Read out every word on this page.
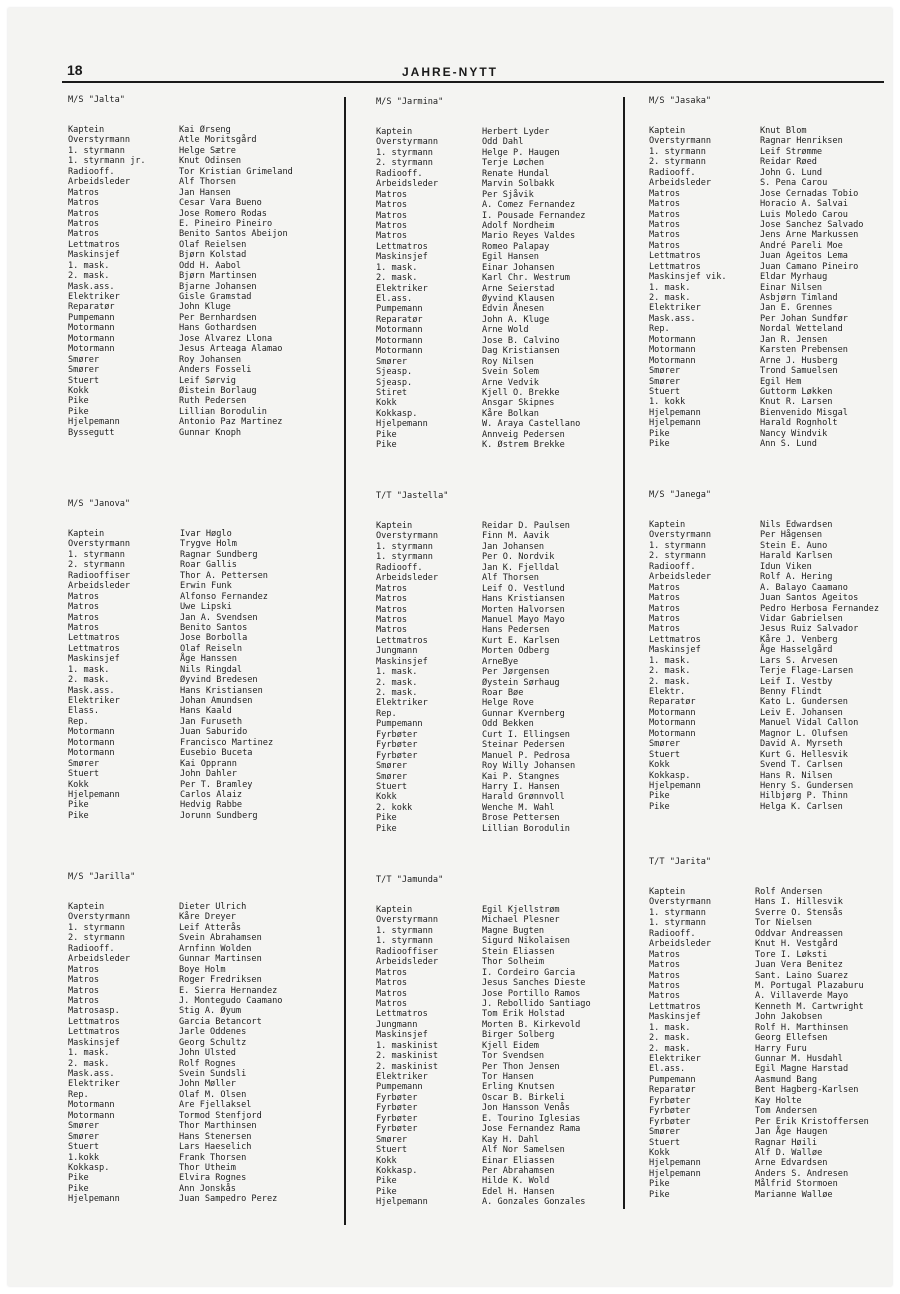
18	JAHRE-NYTT
M/S "Jalta"
Kaptein	Kai Ørseng
Overstyrmann	Atle Moritsgård
1. styrmann	Helge Sætre
1. styrmann jr.	Knut Odinsen
Radiooff.	Tor Kristian Grimeland
Arbeidsleder	Alf Thorsen
Matros	Jan Hansen
Matros	Cesar Vara Bueno
Matros	Jose Romero Rodas
Matros	E. Pineiro Pineiro
Matros	Benito Santos Abeijon
Lettmatros	Olaf Reielsen
Maskinsjef	Bjørn Kolstad
1. mask.	Odd H. Aabol
2. mask.	Bjørn Martinsen
Mask.ass.	Bjarne Johansen
Elektriker	Gisle Gramstad
Reparatør	John Kluge
Pumpemann	Per Bernhardsen
Motormann	Hans Gothardsen
Motormann	Jose Alvarez Llona
Motormann	Jesus Arteaga Alamao
Smører	Roy Johansen
Smører	Anders Fosseli
Stuert	Leif Sørvig
Kokk	Øistein Borlaug
Pike	Ruth Pedersen
Pike	Lillian Borodulin
Hjelpemann	Antonio Paz Martinez
Byssegutt	Gunnar Knoph
M/S "Janova"
Kaptein	Ivar Høglo
Overstyrmann	Trygve Holm
1. styrmann	Ragnar Sundberg
2. styrmann	Roar Gallis
Radiooffiser	Thor A. Pettersen
Arbeidsleder	Erwin Funk
Matros	Alfonso Fernandez
Matros	Uwe Lipski
Matros	Jan A. Svendsen
Matros	Benito Santos
Lettmatros	Jose Borbolla
Lettmatros	Olaf Reiseln
Maskinsjef	Åge Hanssen
1. mask.	Nils Ringdal
2. mask.	Øyvind Bredesen
Mask.ass.	Hans Kristiansen
Elektriker	Johan Amundsen
Elass.	Hans Kaald
Rep.	Jan Furuseth
Motormann	Juan Saburido
Motormann	Francisco Martinez
Motormann	Eusebio Buceta
Smører	Kai Opprann
Stuert	John Dahler
Kokk	Per T. Bramley
Hjelpemann	Carlos Alaiz
Pike	Hedvig Rabbe
Pike	Jorunn Sundberg
M/S "Jarilla"
Kaptein	Dieter Ulrich
Overstyrmann	Kåre Dreyer
1. styrmann	Leif Atterås
2. styrmann	Svein Abrahamsen
Radiooff.	Arnfinn Wolden
Arbeidsleder	Gunnar Martinsen
Matros	Boye Holm
Matros	Roger Fredriksen
Matros	E. Sierra Hernandez
Matros	J. Montegudo Caamano
Matrosasp.	Stig A. Øyum
Lettmatros	Garcia Betancort
Lettmatros	Jarle Oddenes
Maskinsjef	Georg Schultz
1. mask.	John Ulsted
2. mask.	Rolf Rognes
Mask.ass.	Svein Sundsli
Elektriker	John Møller
Rep.	Olaf M. Olsen
Motormann	Are Fjellaksel
Motormann	Tormod Stenfjord
Smører	Thor Marthinsen
Smører	Hans Stenersen
Stuert	Lars Haeselich
1.kokk	Frank Thorsen
Kokkasp.	Thor Utheim
Pike	Elvira Rognes
Pike	Ann Jonskås
Hjelpemann	Juan Sampedro Perez
M/S "Jarmina"
Kaptein	Herbert Lyder
Overstyrmann	Odd Dahl
1. styrmann	Helge P. Haugen
2. styrmann	Terje Løchen
Radiooff.	Renate Hundal
Arbeidsleder	Marvin Solbakk
Matros	Per Sjåvik
Matros	A. Comez Fernandez
Matros	I. Pousade Fernandez
Matros	Adolf Nordheim
Matros	Mario Reyes Valdes
Lettmatros	Romeo Palapay
Maskinsjef	Egil Hansen
1. mask.	Einar Johansen
2. mask.	Karl Chr. Westrum
Elektriker	Arne Seierstad
El.ass.	Øyvind Klausen
Pumpemann	Edvin Ånesen
Reparatør	John A. Kluge
Motormann	Arne Wold
Motormann	Jose B. Calvino
Motormann	Dag Kristiansen
Smører	Roy Nilsen
Sjeasp.	Svein Solem
Sjeasp.	Arne Vedvik
Stiret	Kjell O. Brekke
Kokk	Ansgar Skipnes
Kokkasp.	Kåre Bolkan
Hjelpemann	W. Araya Castellano
Pike	Annveig Pedersen
Pike	K. Østrem Brekke
T/T "Jastella"
Kaptein	Reidar D. Paulsen
Overstyrmann	Finn M. Aavik
1. styrmann	Jan Johansen
1. styrmann	Per O. Nordvik
Radiooff.	Jan K. Fjelldal
Arbeidsleder	Alf Thorsen
Matros	Leif O. Vestlund
Matros	Hans Kristiansen
Matros	Morten Halvorsen
Matros	Manuel Mayo Mayo
Matros	Hans Pedersen
Lettmatros	Kurt E. Karlsen
Jungmann	Morten Odberg
Maskinsjef	ArneBye
1. mask.	Per Jørgensen
2. mask.	Øystein Sørhaug
2. mask.	Roar Bøe
Elektriker	Helge Rove
Rep.	Gunnar Kvernberg
Pumpemann	Odd Bekken
Fyrbøter	Curt I. Ellingsen
Fyrbøter	Steinar Pedersen
Fyrbøter	Manuel P. Pedrosa
Smører	Roy Willy Johansen
Smører	Kai P. Stangnes
Stuert	Harry I. Hansen
Kokk	Harald Grønnvoll
2. kokk	Wenche M. Wahl
Pike	Brose Pettersen
Pike	Lillian Borodulin
T/T "Jamunda"
Kaptein	Egil Kjellstrøm
Overstyrmann	Michael Plesner
1. styrmann	Magne Bugten
1. styrmann	Sigurd Nikolaisen
Radiooffiser	Stein Eliassen
Arbeidsleder	Thor Solheim
Matros	I. Cordeiro Garcia
Matros	Jesus Sanches Dieste
Matros	Jose Portillo Ramos
Matros	J. Rebollido Santiago
Lettmatros	Tom Erik Holstad
Jungmann	Morten B. Kirkevold
Maskinsjef	Birger Solberg
1. maskinist	Kjell Eidem
2. maskinist	Tor Svendsen
2. maskinist	Per Thon Jensen
Elektriker	Tor Hansen
Pumpemann	Erling Knutsen
Fyrbøter	Oscar B. Birkeli
Fyrbøter	Jon Hansson Venås
Fyrbøter	E. Tourino Iglesias
Fyrbøter	Jose Fernandez Rama
Smører	Kay H. Dahl
Stuert	Alf Nor Samelsen
Kokk	Einar Eliassen
Kokkasp.	Per Abrahamsen
Pike	Hilde K. Wold
Pike	Edel H. Hansen
Hjelpemann	A. Gonzales Gonzales
M/S "Jasaka"
Kaptein	Knut Blom
Overstyrmann	Ragnar Henriksen
1. styrmann	Leif Strømme
2. styrmann	Reidar Røed
Radiooff.	John G. Lund
Arbeidsleder	S. Pena Carou
Matros	Jose Cernadas Tobio
Matros	Horacio A. Salvai
Matros	Luis Moledo Carou
Matros	Jose Sanchez Salvado
Matros	Jens Arne Markussen
Matros	André Pareli Moe
Lettmatros	Juan Ageitos Lema
Lettmatros	Juan Camano Pineiro
Maskinsjef vik.	Eldar Myrhaug
1. mask.	Einar Nilsen
2. mask.	Asbjørn Timland
Elektriker	Jan E. Grennes
Mask.ass.	Per Johan Sundfør
Rep.	Nordal Wetteland
Motormann	Jan R. Jensen
Motormann	Karsten Prebensen
Motormann	Arne J. Husberg
Smører	Trond Samuelsen
Smører	Egil Hem
Stuert	Guttorm Løkken
1. kokk	Knut R. Larsen
Hjelpemann	Bienvenido Misgal
Hjelpemann	Harald Rognholt
Pike	Nancy Windvik
Pike	Ann S. Lund
M/S "Janega"
Kaptein	Nils Edwardsen
Overstyrmann	Per Hågensen
1. styrmann	Stein E. Auno
2. styrmann	Harald Karlsen
Radiooff.	Idun Viken
Arbeidsleder	Rolf A. Hering
Matros	A. Balayo Caamano
Matros	Juan Santos Ageitos
Matros	Pedro Herbosa Fernandez
Matros	Vidar Gabrielsen
Matros	Jesus Ruiz Salvador
Lettmatros	Kåre J. Venberg
Maskinsjef	Åge Hasselgård
1. mask.	Lars S. Arvesen
2. mask.	Terje Flage-Larsen
2. mask.	Leif I. Vestby
Elektr.	Benny Flindt
Reparatør	Kato L. Gundersen
Motormann	Leiv E. Johansen
Motormann	Manuel Vidal Callon
Motormann	Magnor L. Olufsen
Smører	David A. Myrseth
Stuert	Kurt G. Hellesvik
Kokk	Svend T. Carlsen
Kokkasp.	Hans R. Nilsen
Hjelpemann	Henry S. Gundersen
Pike	Hilbjørg P. Thinn
Pike	Helga K. Carlsen
T/T "Jarita"
Kaptein	Rolf Andersen
Overstyrmann	Hans I. Hillesvik
1. styrmann	Sverre O. Stensås
1. styrmann	Tor Nielsen
Radiooff.	Oddvar Andreassen
Arbeidsleder	Knut H. Vestgård
Matros	Tore I. Løksti
Matros	Juan Vera Benitez
Matros	Sant. Laino Suarez
Matros	M. Portugal Plazaburu
Matros	A. Villaverde Mayo
Lettmatros	Kenneth M. Cartwright
Maskinsjef	John Jakobsen
1. mask.	Rolf H. Marthinsen
2. mask.	Georg Ellefsen
2. mask.	Harry Furu
Elektriker	Gunnar M. Husdahl
El.ass.	Egil Magne Harstad
Pumpemann	Aasmund Bang
Reparatør	Bent Hagberg-Karlsen
Fyrbøter	Kay Holte
Fyrbøter	Tom Andersen
Fyrbøter	Per Erik Kristoffersen
Smører	Jan Åge Haugen
Stuert	Ragnar Høili
Kokk	Alf D. Walløe
Hjelpemann	Arne Edvardsen
Hjelpemann	Anders S. Andresen
Pike	Målfrid Stormoen
Pike	Marianne Walløe
